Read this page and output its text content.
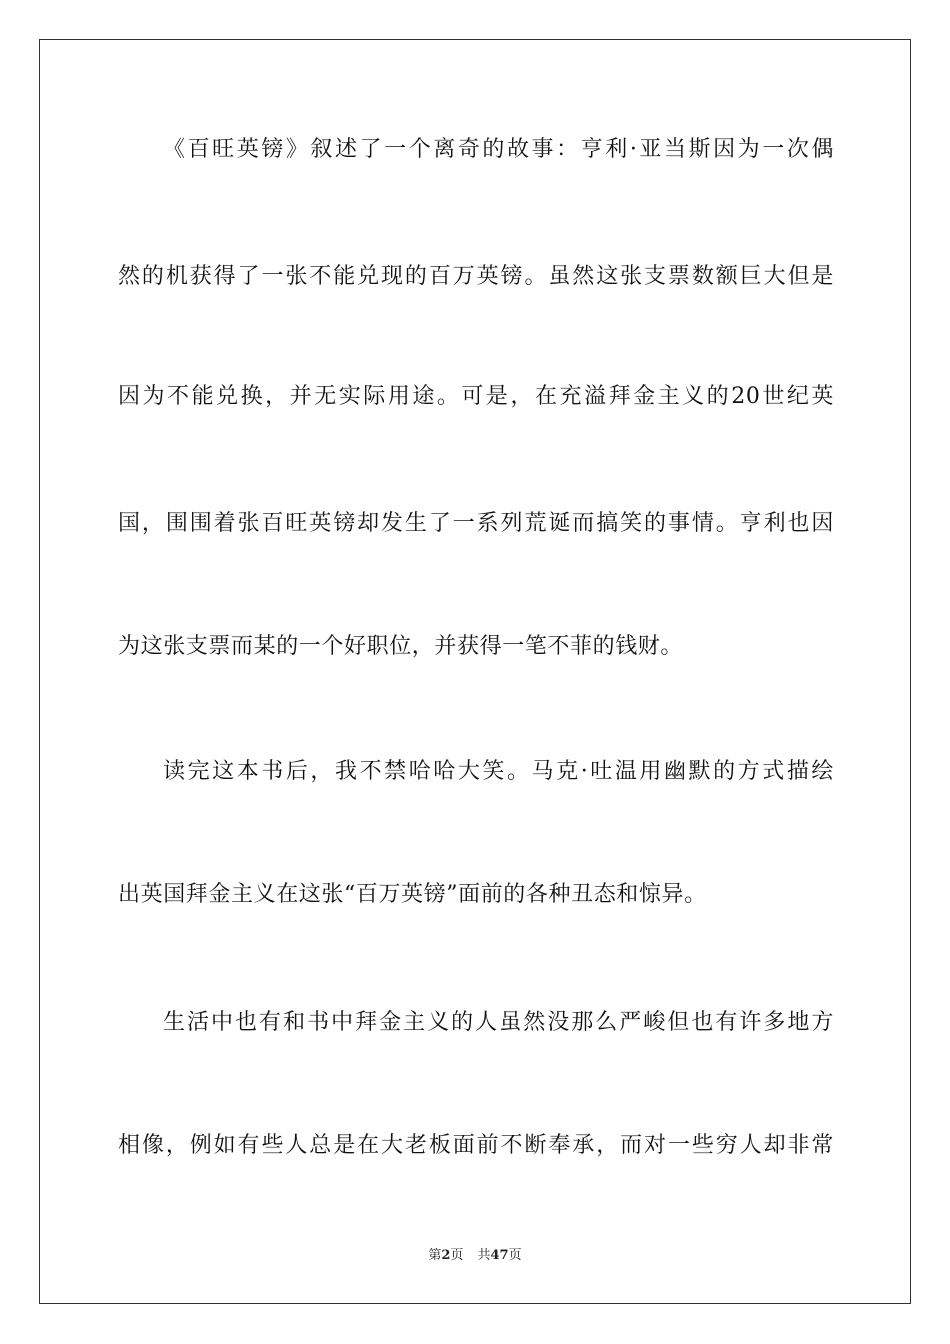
《百旺英镑》叙述了一个离奇的故事：亨利·亚当斯因为一次偶
然的机获得了一张不能兑现的百万英镑。虽然这张支票数额巨大但是
因为不能兑换，并无实际用途。可是，在充溢拜金主义的20世纪英
国，围围着张百旺英镑却发生了一系列荒诞而搞笑的事情。亨利也因
为这张支票而某的一个好职位，并获得一笔不菲的钱财。
读完这本书后，我不禁哈哈大笑。马克·吐温用幽默的方式描绘
出英国拜金主义在这张“百万英镑”面前的各种丑态和惊异。
生活中也有和书中拜金主义的人虽然没那么严峻但也有许多地方
相像，例如有些人总是在大老板面前不断奉承，而对一些穷人却非常
第2页 共47页
